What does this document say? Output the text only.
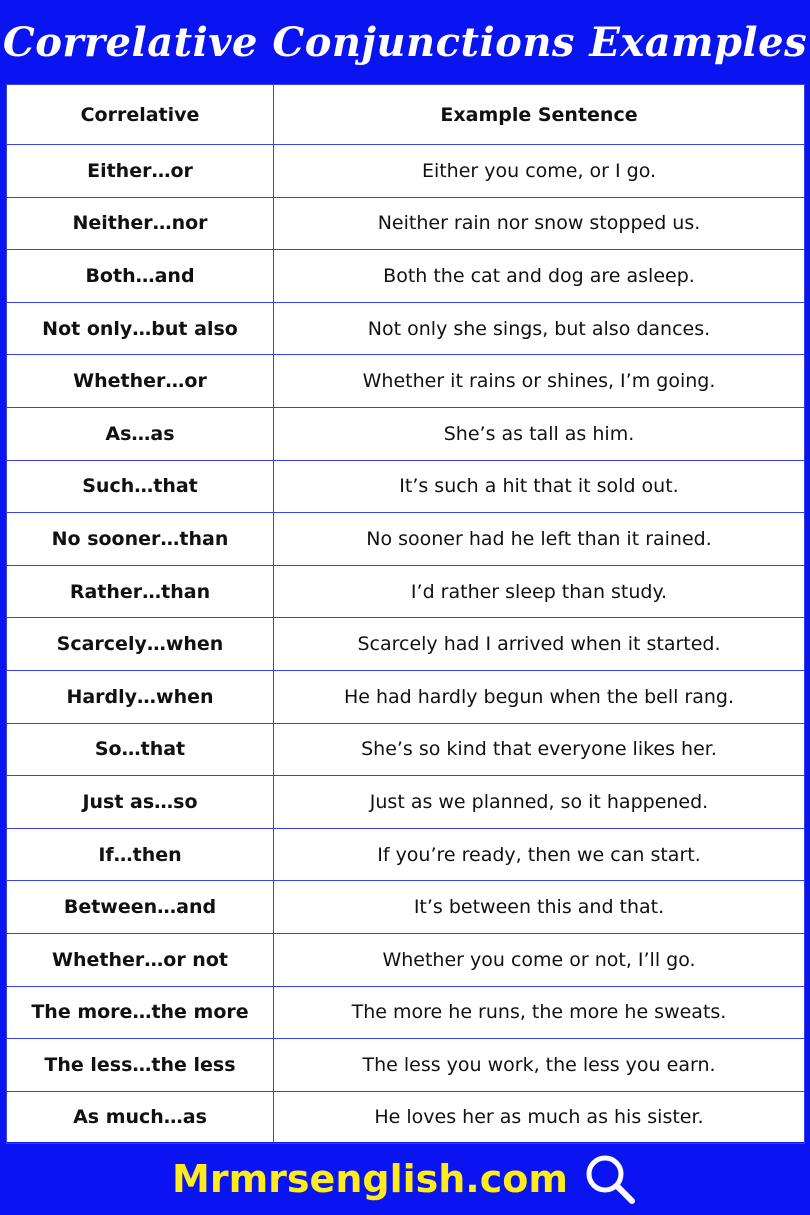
Correlative Conjunctions Examples
Correlative	Example Sentence
Either…or	Either you come, or I go.
Neither…nor	Neither rain nor snow stopped us.
Both…and	Both the cat and dog are asleep.
Not only…but also	Not only she sings, but also dances.
Whether…or	Whether it rains or shines, I’m going.
As…as	She’s as tall as him.
Such…that	It’s such a hit that it sold out.
No sooner…than	No sooner had he left than it rained.
Rather…than	I’d rather sleep than study.
Scarcely…when	Scarcely had I arrived when it started.
Hardly…when	He had hardly begun when the bell rang.
So…that	She’s so kind that everyone likes her.
Just as…so	Just as we planned, so it happened.
If…then	If you’re ready, then we can start.
Between…and	It’s between this and that.
Whether…or not	Whether you come or not, I’ll go.
The more…the more	The more he runs, the more he sweats.
The less…the less	The less you work, the less you earn.
As much…as	He loves her as much as his sister.
Mrmrsenglish.com
